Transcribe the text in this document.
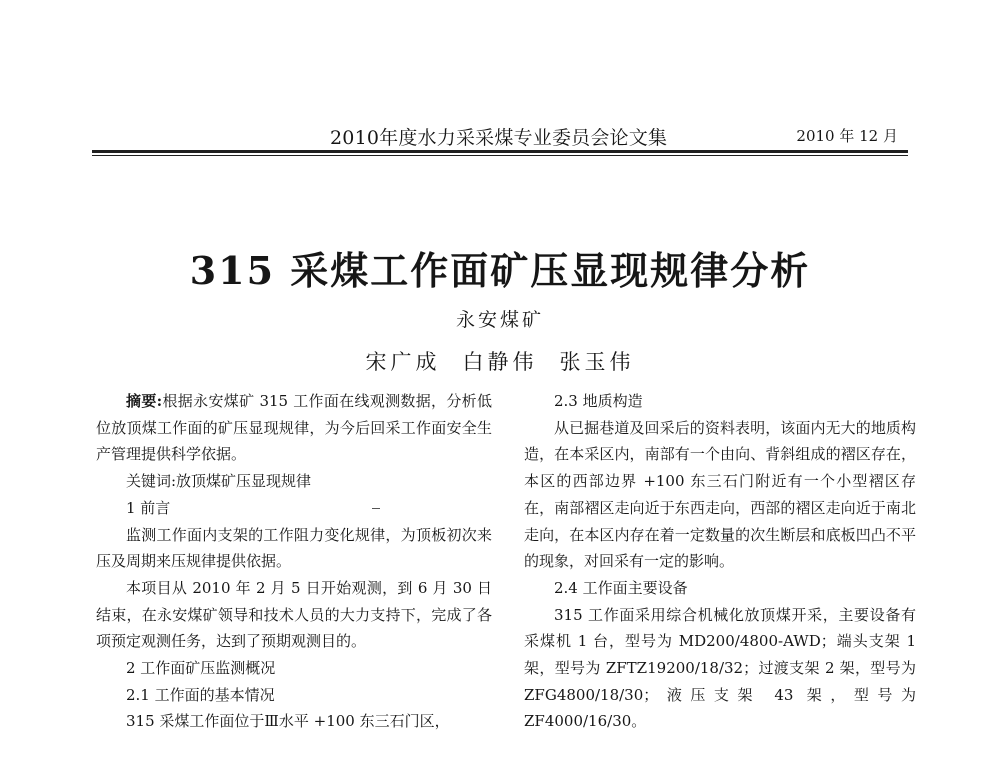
2010年度水力采采煤专业委员会论文集	2010 年 12 月
315 采煤工作面矿压显现规律分析
永安煤矿
宋广成 白静伟 张玉伟

摘要:根据永安煤矿 315 工作面在线观测数据，分析低位放顶煤工作面的矿压显现规律，为今后回采工作面安全生产管理提供科学依据。

关键词:放顶煤矿压显现规律

1 前言

监测工作面内支架的工作阻力变化规律，为顶板初次来压及周期来压规律提供依据。

本项目从 2010 年 2 月 5 日开始观测，到 6 月 30 日结束，在永安煤矿领导和技术人员的大力支持下，完成了各项预定观测任务，达到了预期观测目的。

2 工作面矿压监测概况

2.1 工作面的基本情况

315 采煤工作面位于Ⅲ水平 +100 东三石门区，

2.3 地质构造

从已掘巷道及回采后的资料表明，该面内无大的地质构造，在本采区内，南部有一个由向、背斜组成的褶区存在，本区的西部边界 +100 东三石门附近有一个小型褶区存在，南部褶区走向近于东西走向，西部的褶区走向近于南北走向，在本区内存在着一定数量的次生断层和底板凹凸不平的现象，对回采有一定的影响。

2.4 工作面主要设备

315 工作面采用综合机械化放顶煤开采，主要设备有采煤机 1 台，型号为 MD200/4800-AWD；端头支架 1 架，型号为 ZFTZ19200/18/32；过渡支架 2 架，型号为 ZFG4800/18/30；液压支架 43 架，型号为 ZF4000/16/30。
